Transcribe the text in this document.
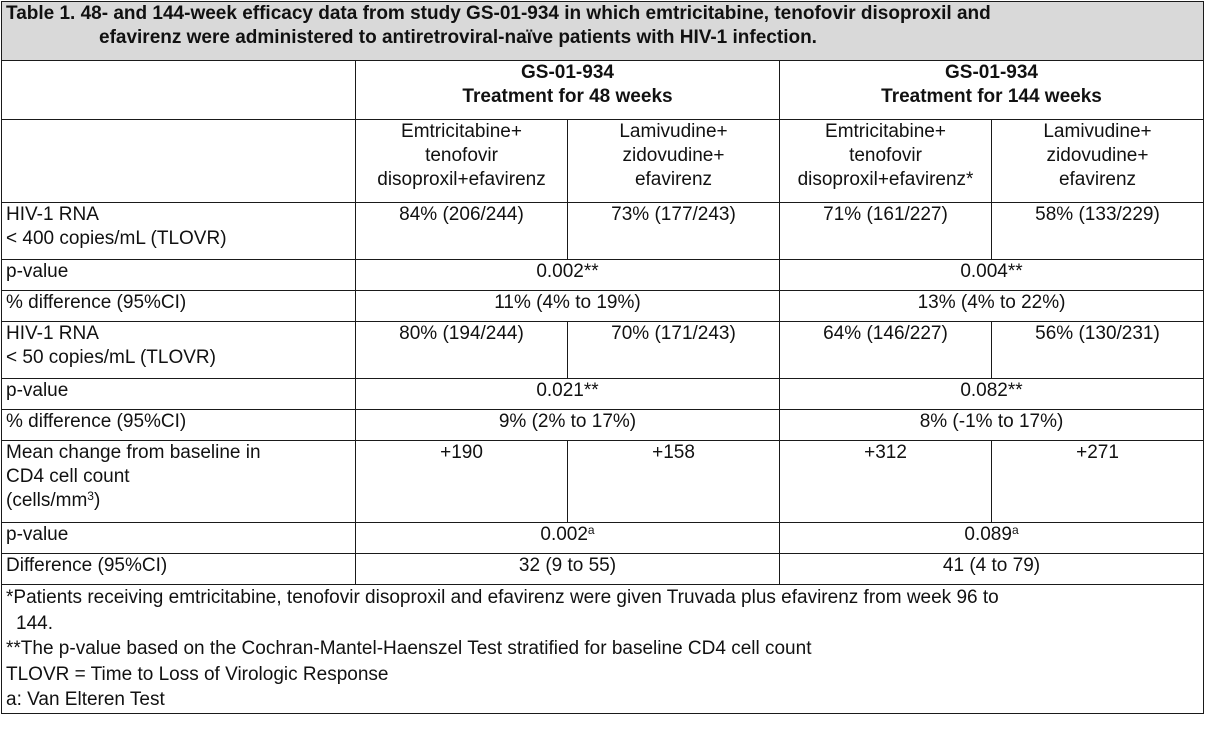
Table 1. 48- and 144-week efficacy data from study GS-01-934 in which emtricitabine, tenofovir disoproxil and
efavirenz were administered to antiretroviral-naïve patients with HIV-1 infection.				

	GS-01-934
Treatment for 48 weeks		GS-01-934
Treatment for 144 weeks	

	Emtricitabine+
tenofovir
disoproxil+efavirenz	Lamivudine+
zidovudine+
efavirenz	Emtricitabine+
tenofovir
disoproxil+efavirenz*	Lamivudine+
zidovudine+
efavirenz

HIV-1 RNA
< 400 copies/mL (TLOVR)	84% (206/244)	73% (177/243)	71% (161/227)	58% (133/229)
p-value	0.002**		0.004**	
% difference (95%CI)	11% (4% to 19%)		13% (4% to 22%)	

HIV-1 RNA
< 50 copies/mL (TLOVR)	80% (194/244)	70% (171/243)	64% (146/227)	56% (130/231)
p-value	0.021**		0.082**	
% difference (95%CI)	9% (2% to 17%)		8% (-1% to 17%)	

Mean change from baseline in
CD4 cell count
$(cells/mm^3)$	+190	+158	+312	+271
p-value	0.002$^a$		0.089$^a$
Difference (95%CI)	32 (9 to 55)		41 (4 to 79)	

*Patients receiving emtricitabine, tenofovir disoproxil and efavirenz were given Truvada plus efavirenz from week 96 to
144.
**The p-value based on the Cochran-Mantel-Haenszel Test stratified for baseline CD4 cell count
TLOVR = Time to Loss of Virologic Response
a: Van Elteren Test				
